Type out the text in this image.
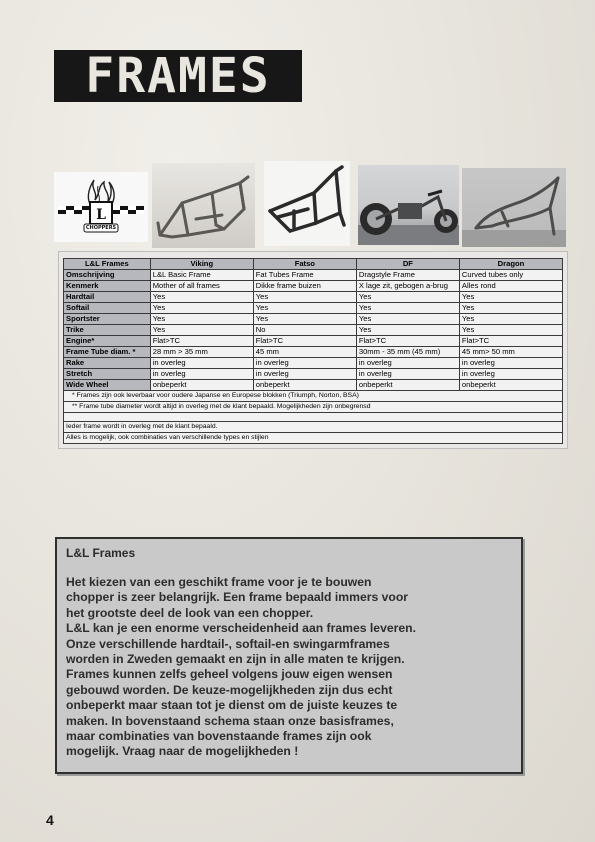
FRAMES
L
CHOPPERS
L&L Frames	Viking	Fatso	DF	Dragon
Omschrijving	L&L Basic Frame	Fat Tubes Frame	Dragstyle Frame	Curved tubes only
Kenmerk	Mother of all frames	Dikke frame buizen	X lage zit, gebogen a-brug	Alles rond
Hardtail	Yes	Yes	Yes	Yes
Softail	Yes	Yes	Yes	Yes
Sportster	Yes	Yes	Yes	Yes
Trike	Yes	No	Yes	Yes
Engine*	Flat>TC	Flat>TC	Flat>TC	Flat>TC
Frame Tube diam. *	28 mm > 35 mm	45 mm	30mm - 35 mm (45 mm)	45 mm> 50 mm
Rake	in overleg	in overleg	in overleg	in overleg
Stretch	in overleg	in overleg	in overleg	in overleg
Wide Wheel	onbeperkt	onbeperkt	onbeperkt	onbeperkt
* Frames zijn ook leverbaar voor oudere Japanse en Europese blokken (Triumph, Norton, BSA)				
** Frame tube diameter wordt altijd in overleg met de klant bepaald. Mogelijkheden zijn onbegrensd				

Ieder frame wordt in overleg met de klant bepaald.				
Alles is mogelijk, ook combinaties van verschillende types en stijlen				
L&L Frames
Het kiezen van een geschikt frame voor je te bouwen
chopper is zeer belangrijk. Een frame bepaald immers voor
het grootste deel de look van een chopper.
L&L kan je een enorme verscheidenheid aan frames leveren.
Onze verschillende hardtail-, softail-en swingarmframes
worden in Zweden gemaakt en zijn in alle maten te krijgen.
Frames kunnen zelfs geheel volgens jouw eigen wensen
gebouwd worden. De keuze-mogelijkheden zijn dus echt
onbeperkt maar staan tot je dienst om de juiste keuzes te
maken. In bovenstaand schema staan onze basisframes,
maar combinaties van bovenstaande frames zijn ook
mogelijk. Vraag naar de mogelijkheden !
4
